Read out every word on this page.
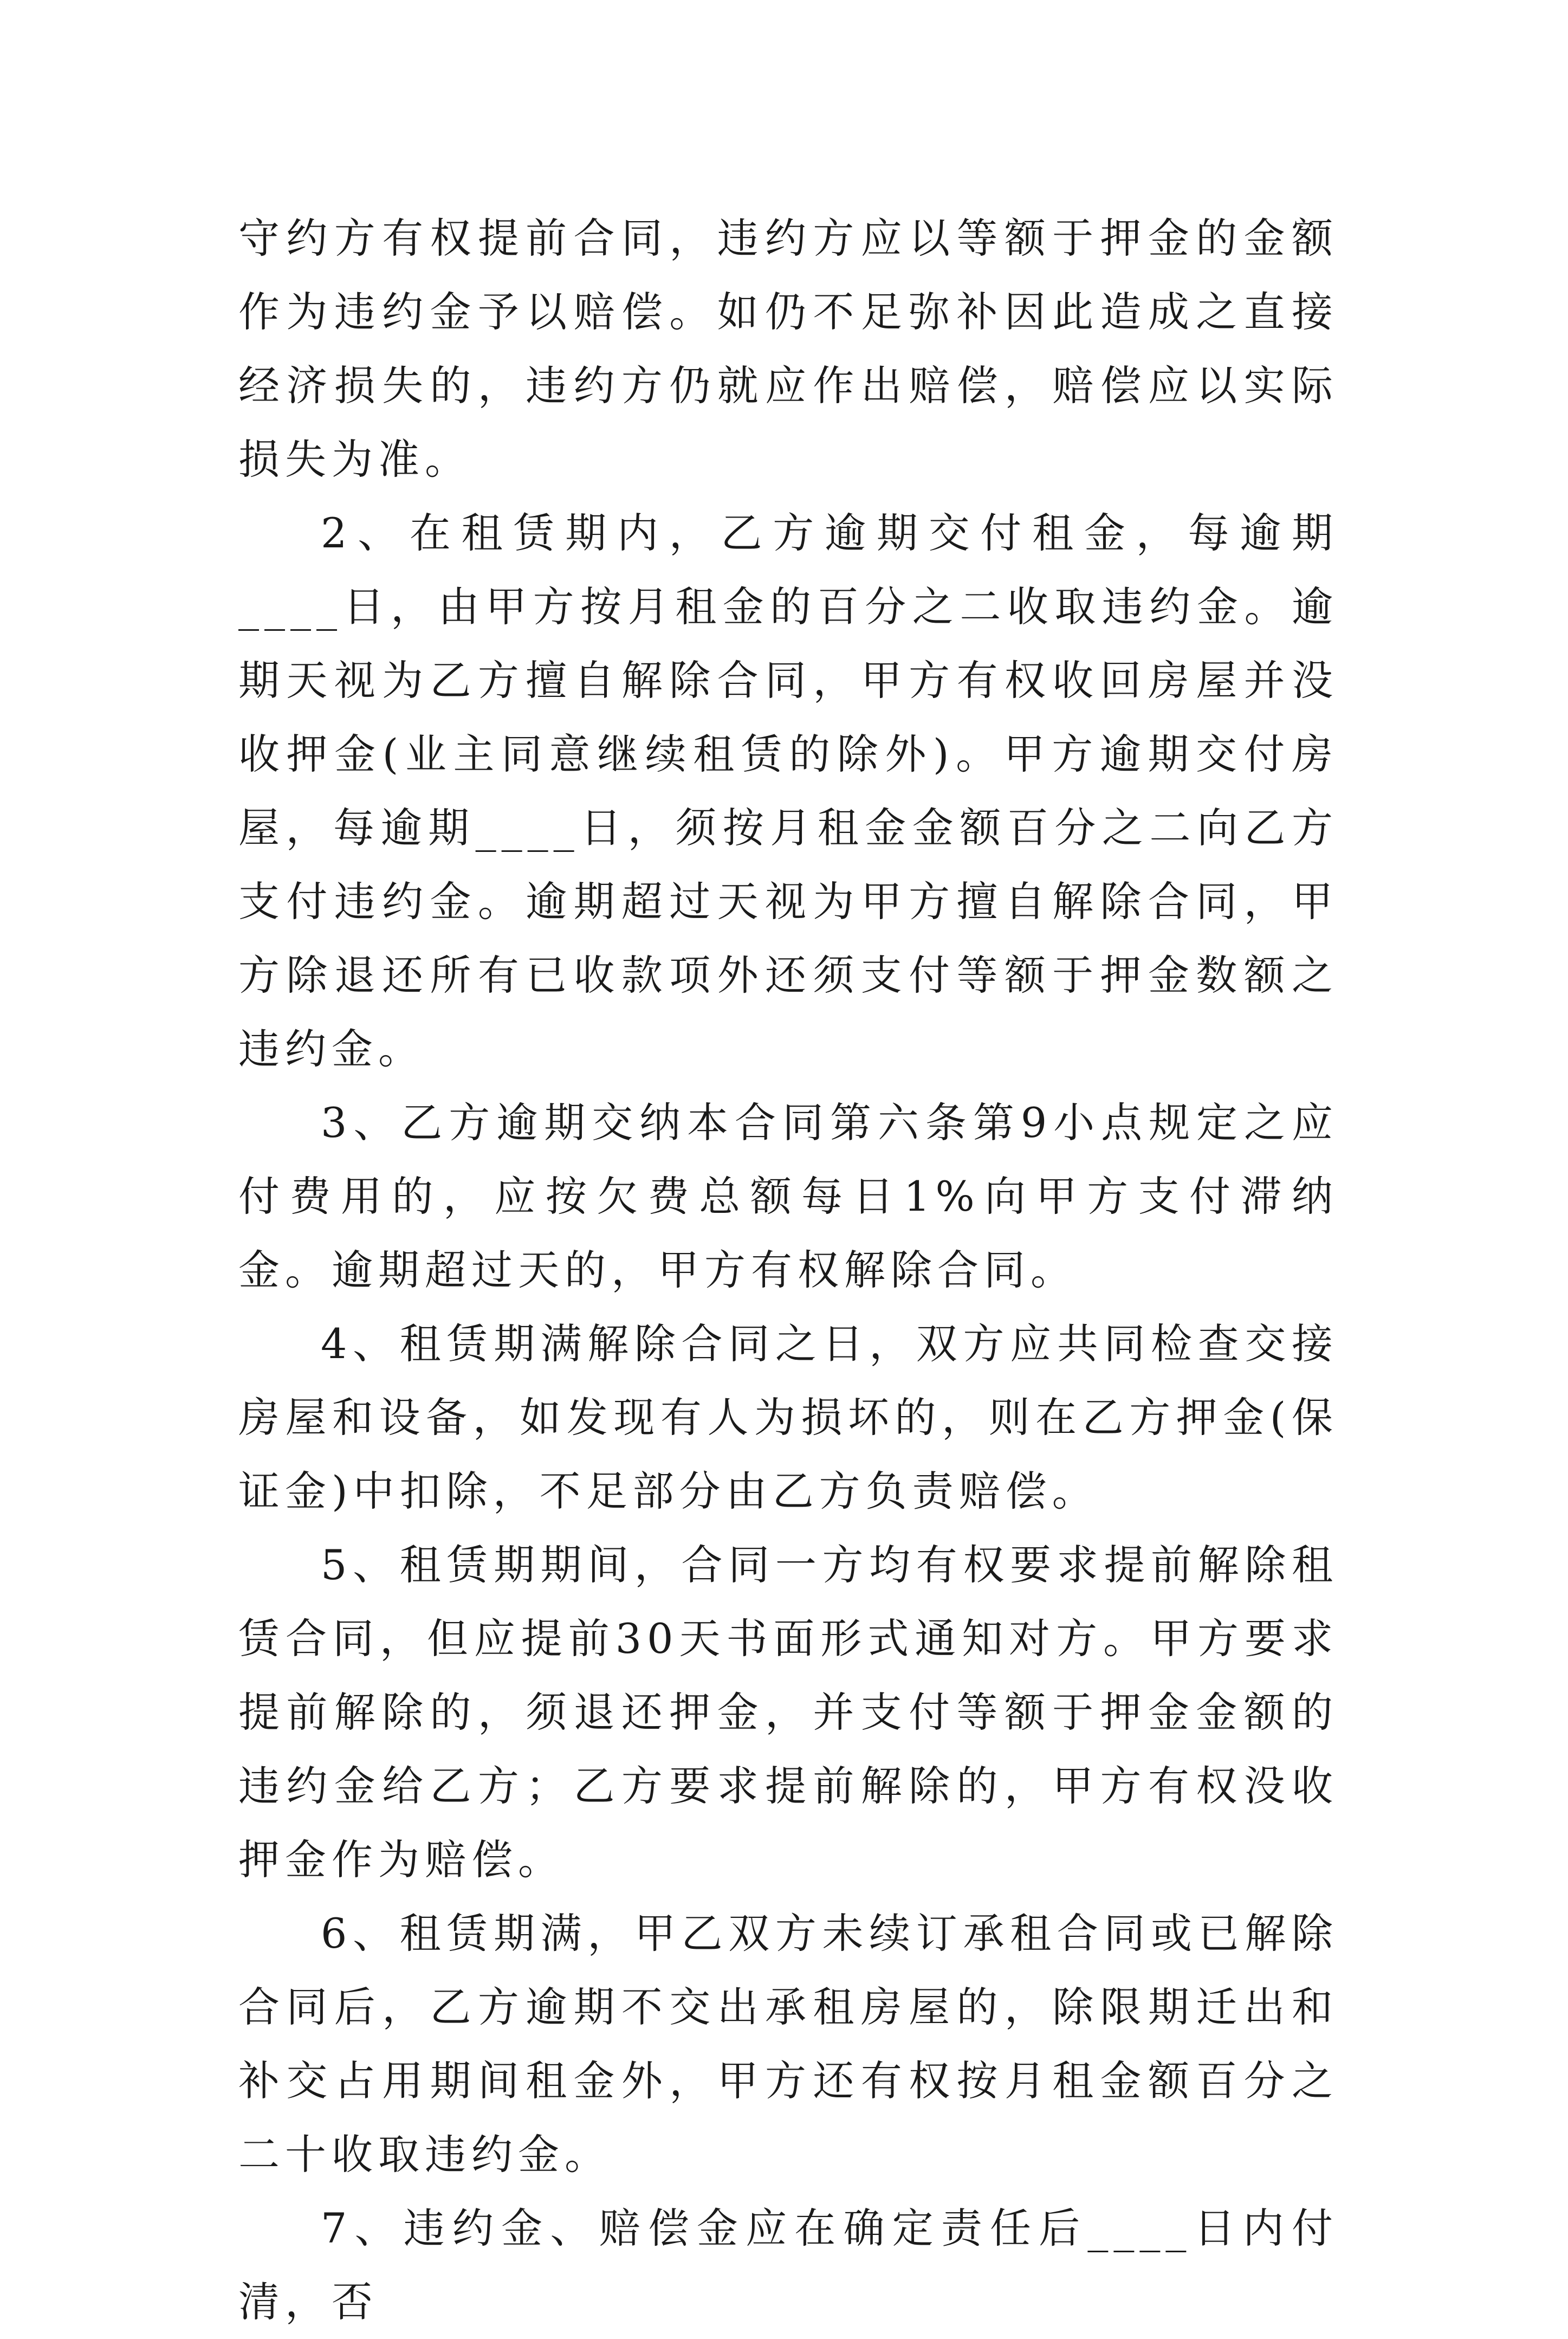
守约方有权提前合同，违约方应以等额于押金的金额作为违约金予以赔偿。如仍不足弥补因此造成之直接经济损失的，违约方仍就应作出赔偿，赔偿应以实际损失为准。

2、在租赁期内，乙方逾期交付租金，每逾期____日，由甲方按月租金的百分之二收取违约金。逾期天视为乙方擅自解除合同，甲方有权收回房屋并没收押金(业主同意继续租赁的除外)。甲方逾期交付房屋，每逾期____日，须按月租金金额百分之二向乙方支付违约金。逾期超过天视为甲方擅自解除合同，甲方除退还所有已收款项外还须支付等额于押金数额之违约金。

3、乙方逾期交纳本合同第六条第9小点规定之应付费用的，应按欠费总额每日1%向甲方支付滞纳金。逾期超过天的，甲方有权解除合同。

4、租赁期满解除合同之日，双方应共同检查交接房屋和设备，如发现有人为损坏的，则在乙方押金(保证金)中扣除，不足部分由乙方负责赔偿。

5、租赁期期间，合同一方均有权要求提前解除租赁合同，但应提前30天书面形式通知对方。甲方要求提前解除的，须退还押金，并支付等额于押金金额的违约金给乙方；乙方要求提前解除的，甲方有权没收押金作为赔偿。

6、租赁期满，甲乙双方未续订承租合同或已解除合同后，乙方逾期不交出承租房屋的，除限期迁出和补交占用期间租金外，甲方还有权按月租金额百分之二十收取违约金。

7、违约金、赔偿金应在确定责任后____日内付清，否
